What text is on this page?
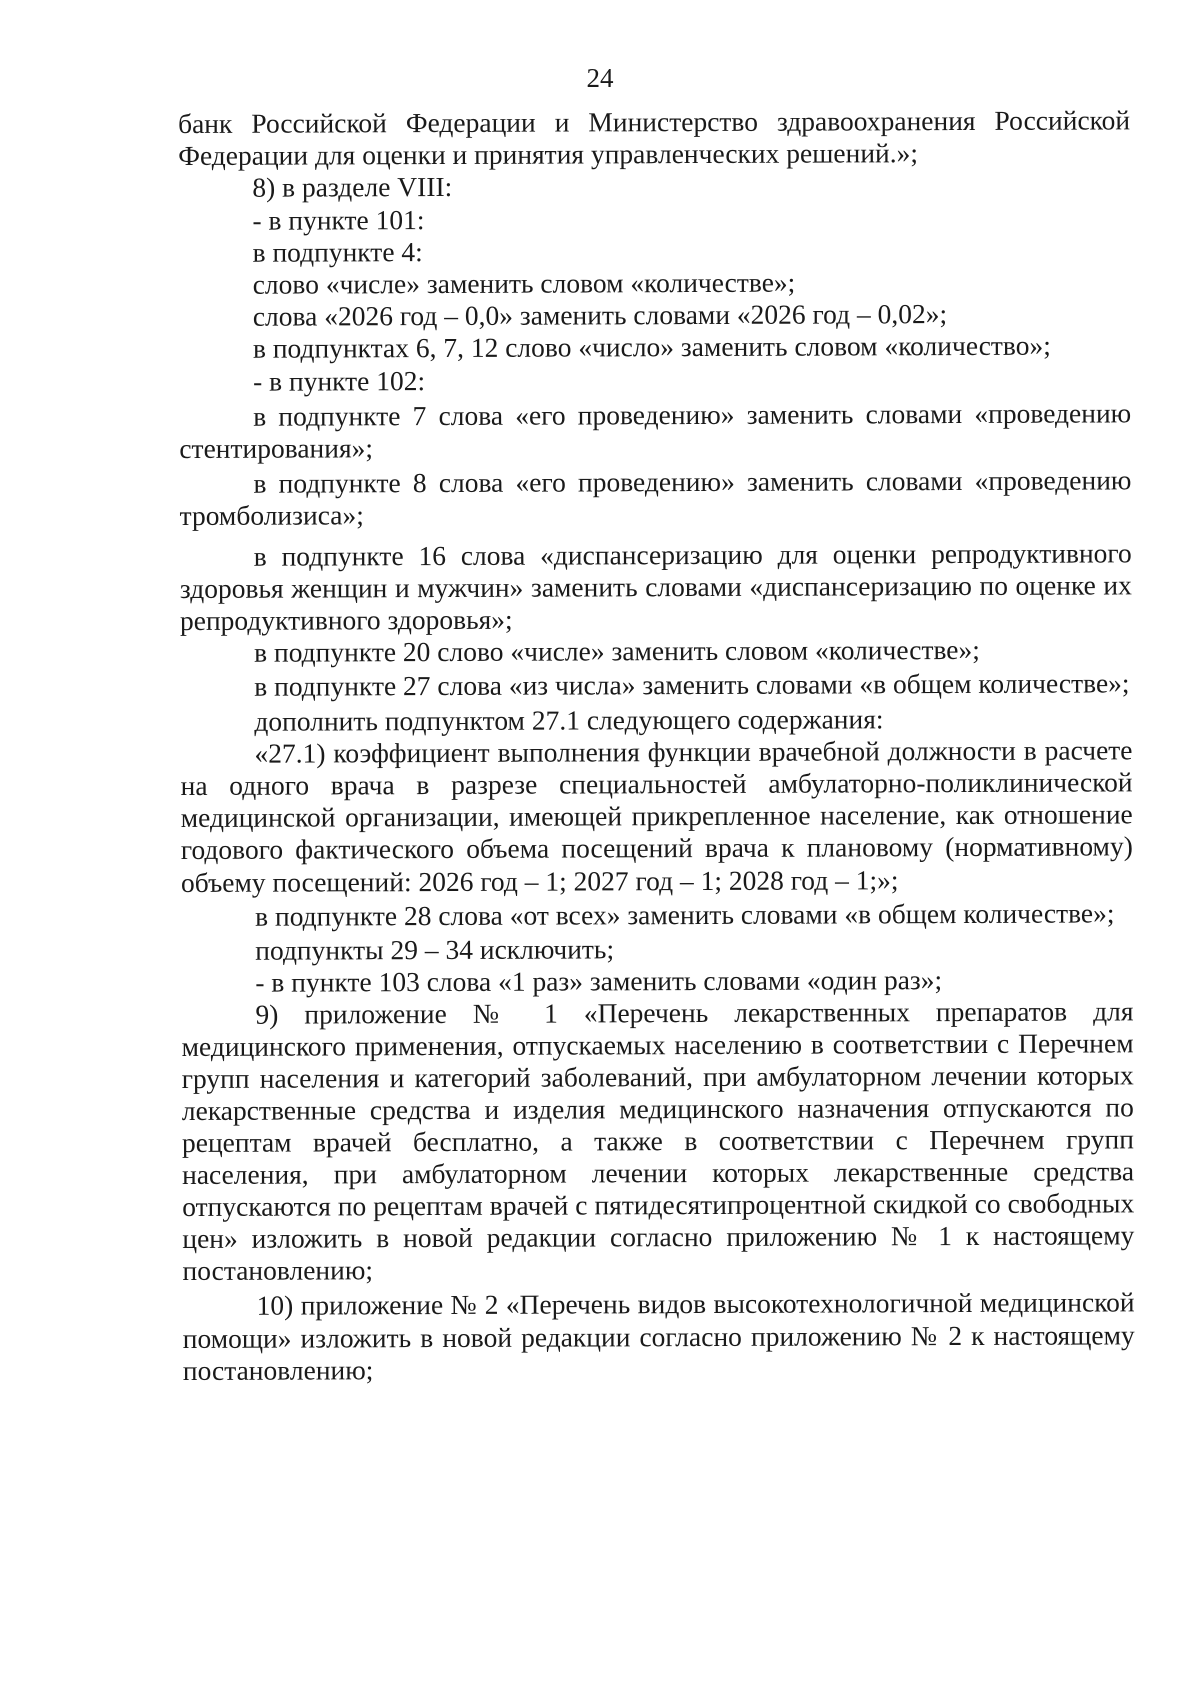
24

банк Российской Федерации и Министерство здравоохранения Российской Федерации для оценки и принятия управленческих решений.»;

8) в разделе VIII:

- в пункте 101:

в подпункте 4:

слово «числе» заменить словом «количестве»;

слова «2026 год – 0,0» заменить словами «2026 год – 0,02»;

в подпунктах 6, 7, 12 слово «число» заменить словом «количество»;

- в пункте 102:

в подпункте 7 слова «его проведению» заменить словами «проведению стентирования»;

в подпункте 8 слова «его проведению» заменить словами «проведению тромболизиса»;

в подпункте 16 слова «диспансеризацию для оценки репродуктивного здоровья женщин и мужчин» заменить словами «диспансеризацию по оценке их репродуктивного здоровья»;

в подпункте 20 слово «числе» заменить словом «количестве»;

в подпункте 27 слова «из числа» заменить словами «в общем количестве»;

дополнить подпунктом 27.1 следующего содержания:

«27.1) коэффициент выполнения функции врачебной должности в расчете на одного врача в разрезе специальностей амбулаторно-поликлинической медицинской организации, имеющей прикрепленное население, как отношение годового фактического объема посещений врача к плановому (нормативному) объему посещений: 2026 год – 1; 2027 год – 1; 2028 год – 1;»;

в подпункте 28 слова «от всех» заменить словами «в общем количестве»;

подпункты 29 – 34 исключить;

- в пункте 103 слова «1 раз» заменить словами «один раз»;

9) приложение № 1 «Перечень лекарственных препаратов для медицинского применения, отпускаемых населению в соответствии с Перечнем групп населения и категорий заболеваний, при амбулаторном лечении которых лекарственные средства и изделия медицинского назначения отпускаются по рецептам врачей бесплатно, а также в соответствии с Перечнем групп населения, при амбулаторном лечении которых лекарственные средства отпускаются по рецептам врачей с пятидесятипроцентной скидкой со свободных цен» изложить в новой редакции согласно приложению № 1 к настоящему постановлению;

10) приложение № 2 «Перечень видов высокотехнологичной медицинской помощи» изложить в новой редакции согласно приложению № 2 к настоящему постановлению;
